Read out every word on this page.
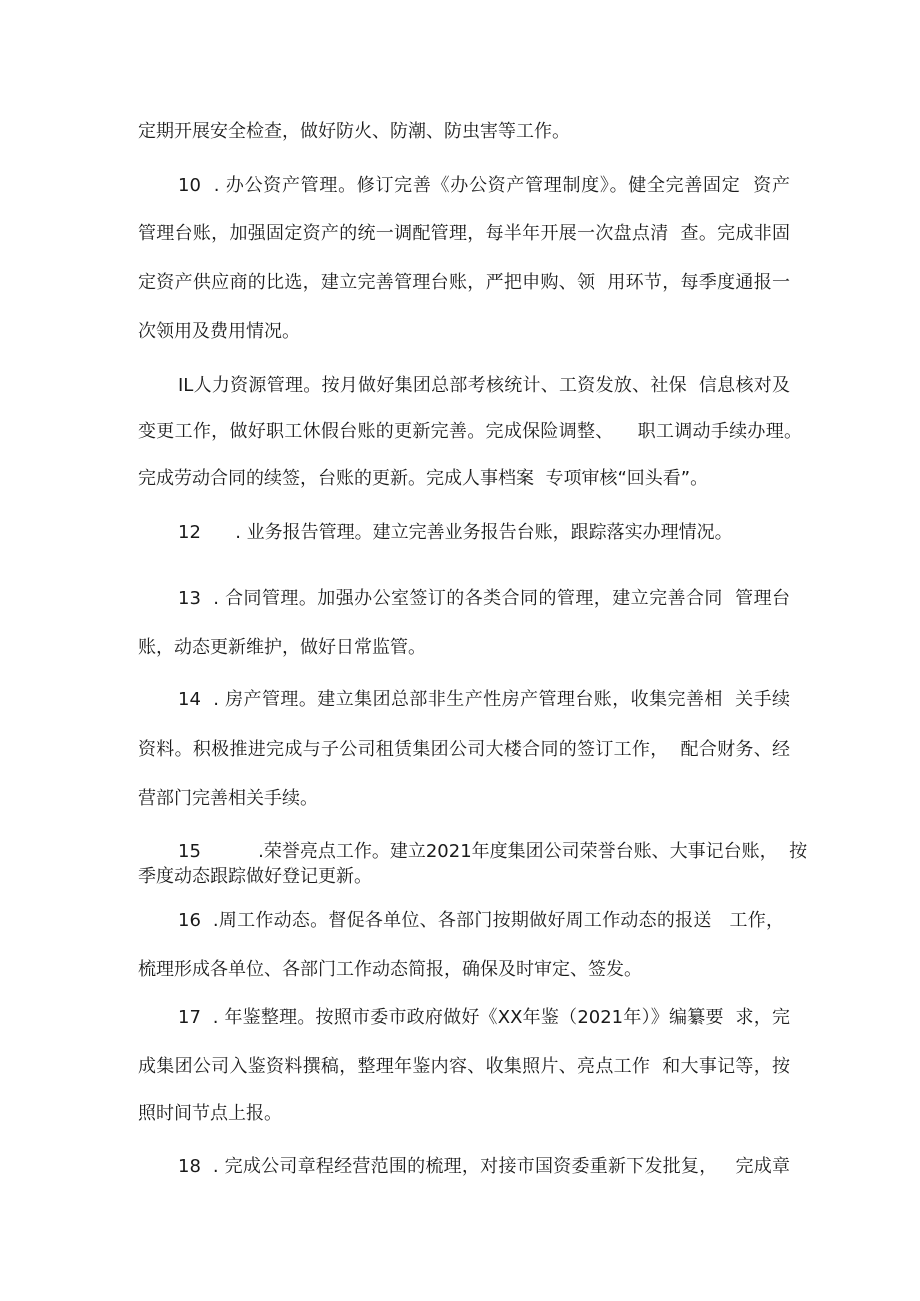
定期开展安全检查，做好防火、防潮、防虫害等工作。

10  . 办公资产管理。修订完善《办公资产管理制度》。健全完善固定  资产

管理台账，加强固定资产的统一调配管理，每半年开展一次盘点清  查。完成非固

定资产供应商的比选，建立完善管理台账，严把申购、领  用环节，每季度通报一

次领用及费用情况。

IL人力资源管理。按月做好集团总部考核统计、工资发放、社保  信息核对及

变更工作，做好职工休假台账的更新完善。完成保险调整、    职工调动手续办理。

完成劳动合同的续签，台账的更新。完成人事档案  专项审核“回头看”。

12      . 业务报告管理。建立完善业务报告台账，跟踪落实办理情况。

13  . 合同管理。加强办公室签订的各类合同的管理，建立完善合同  管理台

账，动态更新维护，做好日常监管。

14  . 房产管理。建立集团总部非生产性房产管理台账，收集完善相  关手续

资料。积极推进完成与子公司租赁集团公司大楼合同的签订工作，  配合财务、经

营部门完善相关手续。

15          .荣誉亮点工作。建立2021年度集团公司荣誉台账、大事记台账，  按

季度动态跟踪做好登记更新。

16  .周工作动态。督促各单位、各部门按期做好周工作动态的报送   工作，

梳理形成各单位、各部门工作动态简报，确保及时审定、签发。

17  . 年鉴整理。按照市委市政府做好《XX年鉴（2021年）》编纂要  求，完

成集团公司入鉴资料撰稿，整理年鉴内容、收集照片、亮点工作  和大事记等，按

照时间节点上报。

18  . 完成公司章程经营范围的梳理，对接市国资委重新下发批复，   完成章
